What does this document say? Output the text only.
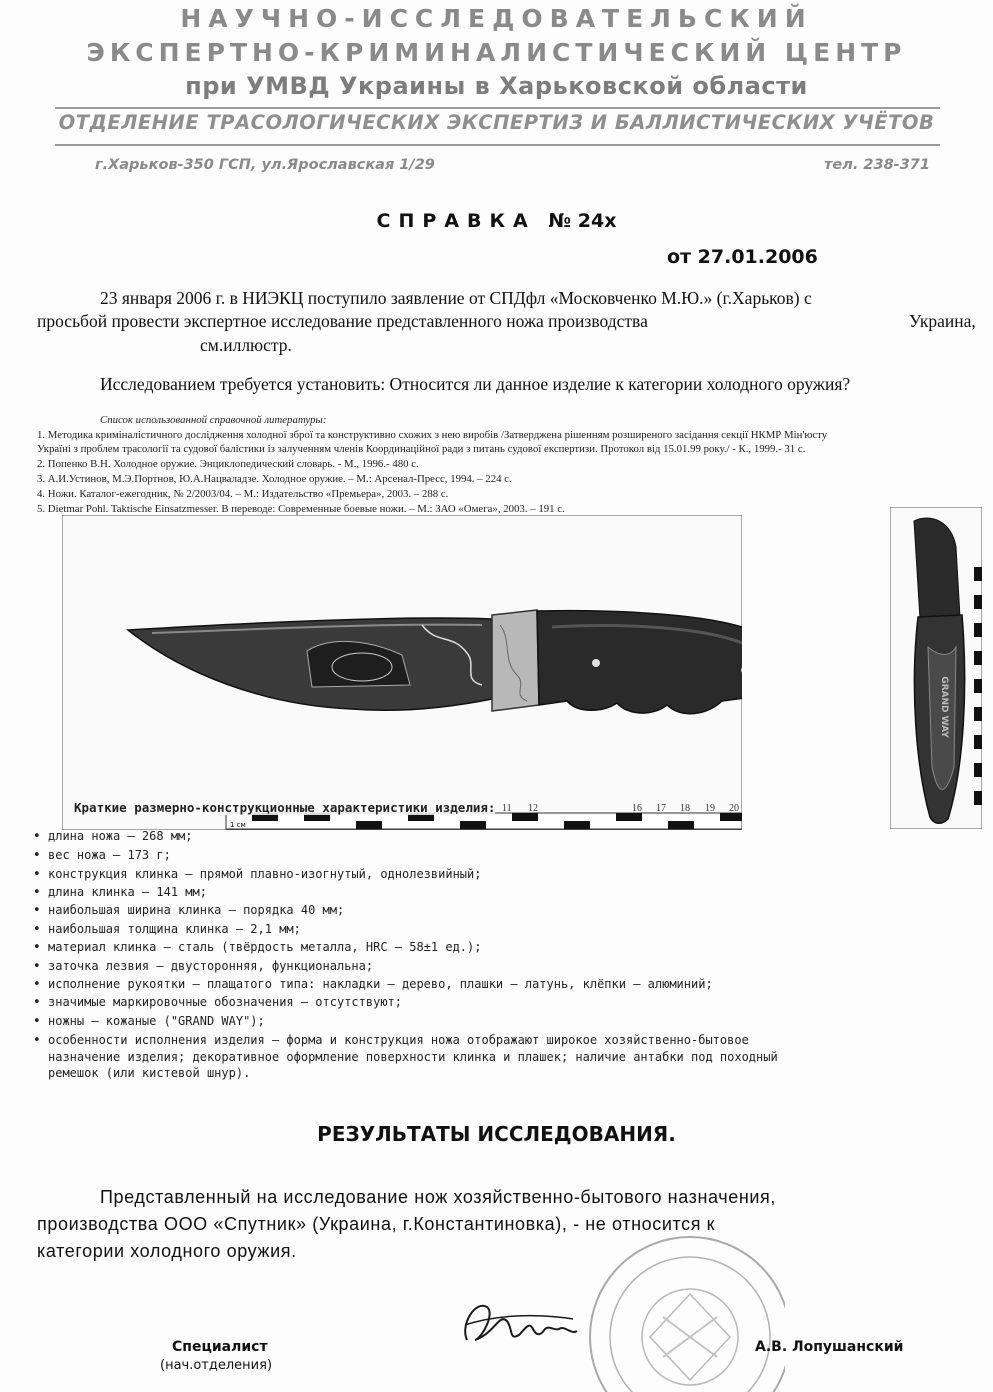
НАУЧНО-ИССЛЕДОВАТЕЛЬСКИЙ
ЭКСПЕРТНО-КРИМИНАЛИСТИЧЕСКИЙ ЦЕНТР
при УМВД Украины в Харьковской области
ОТДЕЛЕНИЕ ТРАСОЛОГИЧЕСКИХ ЭКСПЕРТИЗ И БАЛЛИСТИЧЕСКИХ УЧЁТОВ
г.Харьков-350 ГСП, ул.Ярославская 1/29	тел. 238-371
СПРАВКА № 24х
от 27.01.2006
23 января 2006 г. в НИЭКЦ поступило заявление от СПДфл «Московченко М.Ю.» (г.Харьков) с
просьбой провести экспертное исследование представленного ножа производства	Украина,
см.иллюстр.
Исследованием требуется установить: Относится ли данное изделие к категории холодного оружия?
Список использованной справочной литературы:
1. Методика криміналістичного дослідження холодної зброї та конструктивно схожих з нею виробів /Затверджена рішенням розширеного засідання секції НКМР Мін'юсту
Україні з проблем трасології та судової балістики із залученням членів Координаційної ради з питань судової експертизи. Протокол від 15.01.99 року./ - К., 1999.- 31 с.
2. Попенко В.Н. Холодное оружие. Энциклопедический словарь. - М., 1996.- 480 с.
3. А.И.Устинов, М.Э.Портнов, Ю.А.Нацваладзе. Холодное оружие. – М.: Арсенал-Пресс, 1994. – 224 с.
4. Ножи. Каталог-ежегодник, № 2/2003/04. – М.: Издательство «Премьера», 2003. – 288 с.
5. Dietmar Pohl. Taktische Einsatzmesser. В переводе: Современные боевые ножи. – М.: ЗАО «Омега», 2003. – 191 с.
1 см
11 12	16 17 18 19 20
GRAND WAY
Краткие размерно-конструкционные характеристики изделия:
• длина ножа – 268 мм;
• вес ножа – 173 г;
• конструкция клинка – прямой плавно-изогнутый, однолезвийный;
• длина клинка – 141 мм;
• наибольшая ширина клинка – порядка 40 мм;
• наибольшая толщина клинка – 2,1 мм;
• материал клинка – сталь (твёрдость металла, HRC – 58±1 ед.);
• заточка лезвия – двусторонняя, функциональна;
• исполнение рукоятки – плащатого типа: накладки – дерево, плашки – латунь, клёпки – алюминий;
• значимые маркировочные обозначения – отсутствуют;
• ножны – кожаные ("GRAND WAY");
• особенности исполнения изделия – форма и конструкция ножа отображают широкое хозяйственно-бытовое
назначение изделия; декоративное оформление поверхности клинка и плашек; наличие антабки под походный
ремешок (или кистевой шнур).
РЕЗУЛЬТАТЫ ИССЛЕДОВАНИЯ.
Представленный на исследование нож хозяйственно-бытового назначения,
производства ООО «Спутник» (Украина, г.Константиновка), - не относится к
категории холодного оружия.
Специалист
(нач.отделения)
А.В. Лопушанский
